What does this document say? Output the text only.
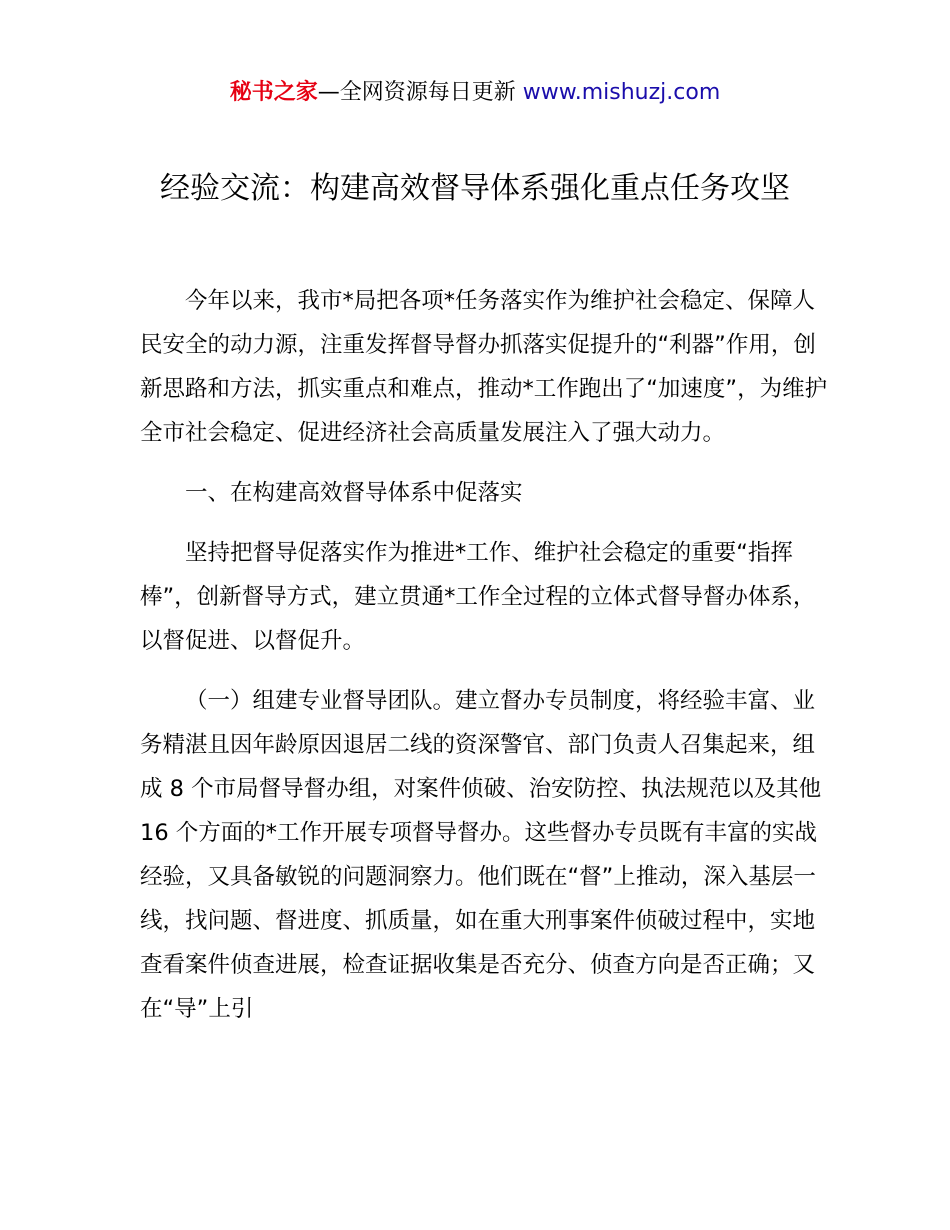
秘书之家—全网资源每日更新 www.mishuzj.com
经验交流：构建高效督导体系强化重点任务攻坚

今年以来，我市*局把各项*任务落实作为维护社会稳定、保障人民安全的动力源，注重发挥督导督办抓落实促提升的“利器”作用，创新思路和方法，抓实重点和难点，推动*工作跑出了“加速度”，为维护全市社会稳定、促进经济社会高质量发展注入了强大动力。

一、在构建高效督导体系中促落实

坚持把督导促落实作为推进*工作、维护社会稳定的重要“指挥棒”，创新督导方式，建立贯通*工作全过程的立体式督导督办体系，以督促进、以督促升。

（一）组建专业督导团队。建立督办专员制度，将经验丰富、业务精湛且因年龄原因退居二线的资深警官、部门负责人召集起来，组成 8 个市局督导督办组，对案件侦破、治安防控、执法规范以及其他 16 个方面的*工作开展专项督导督办。这些督办专员既有丰富的实战经验，又具备敏锐的问题洞察力。他们既在“督”上推动，深入基层一线，找问题、督进度、抓质量，如在重大刑事案件侦破过程中，实地查看案件侦查进展，检查证据收集是否充分、侦查方向是否正确；又在“导”上引
